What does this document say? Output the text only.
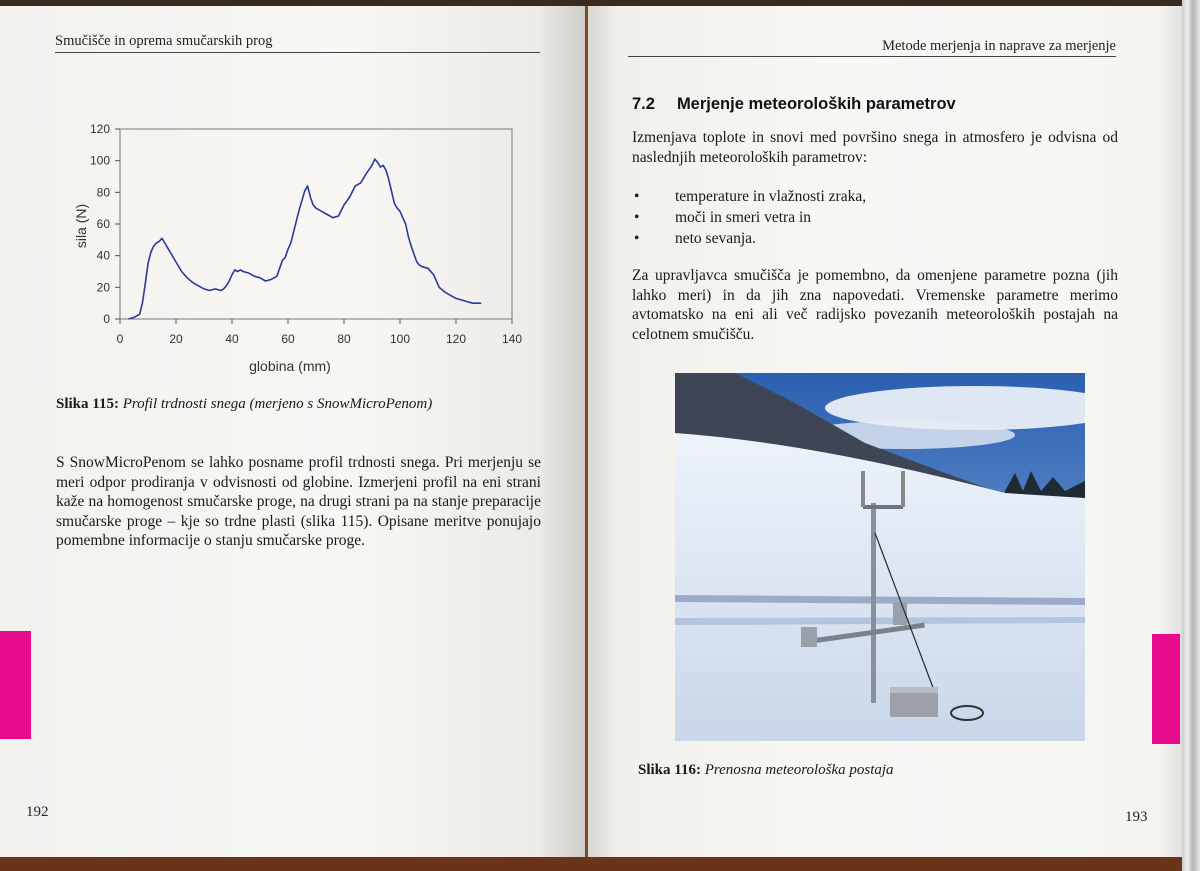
Smučišče in oprema smučarskih prog
0
20
40
60
80
100
120
0	20	40	60	80	100	120	140
sila (N)
globina (mm)
Slika 115: Profil trdnosti snega (merjeno s SnowMicroPenom)
S SnowMicroPenom se lahko posname profil trdnosti snega. Pri merjenju se meri odpor prodiranja v odvisnosti od globine. Izmerjeni profil na eni strani kaže na homogenost smučarske proge, na drugi strani pa na stanje preparacije smučarske proge – kje so trdne plasti (slika 115). Opisane meritve ponujajo pomembne informacije o stanju smučarske proge.
192
Metode merjenja in naprave za merjenje
7.2 Merjenje meteoroloških parametrov
Izmenjava toplote in snovi med površino snega in atmosfero je odvisna od naslednjih meteoroloških parametrov:
• temperature in vlažnosti zraka,
• moči in smeri vetra in
• neto sevanja.
Za upravljavca smučišča je pomembno, da omenjene parametre pozna (jih lahko meri) in da jih zna napovedati. Vremenske parametre merimo avtomatsko na eni ali več radijsko povezanih meteoroloških postajah na celotnem smučišču.
Slika 116: Prenosna meteorološka postaja
193
